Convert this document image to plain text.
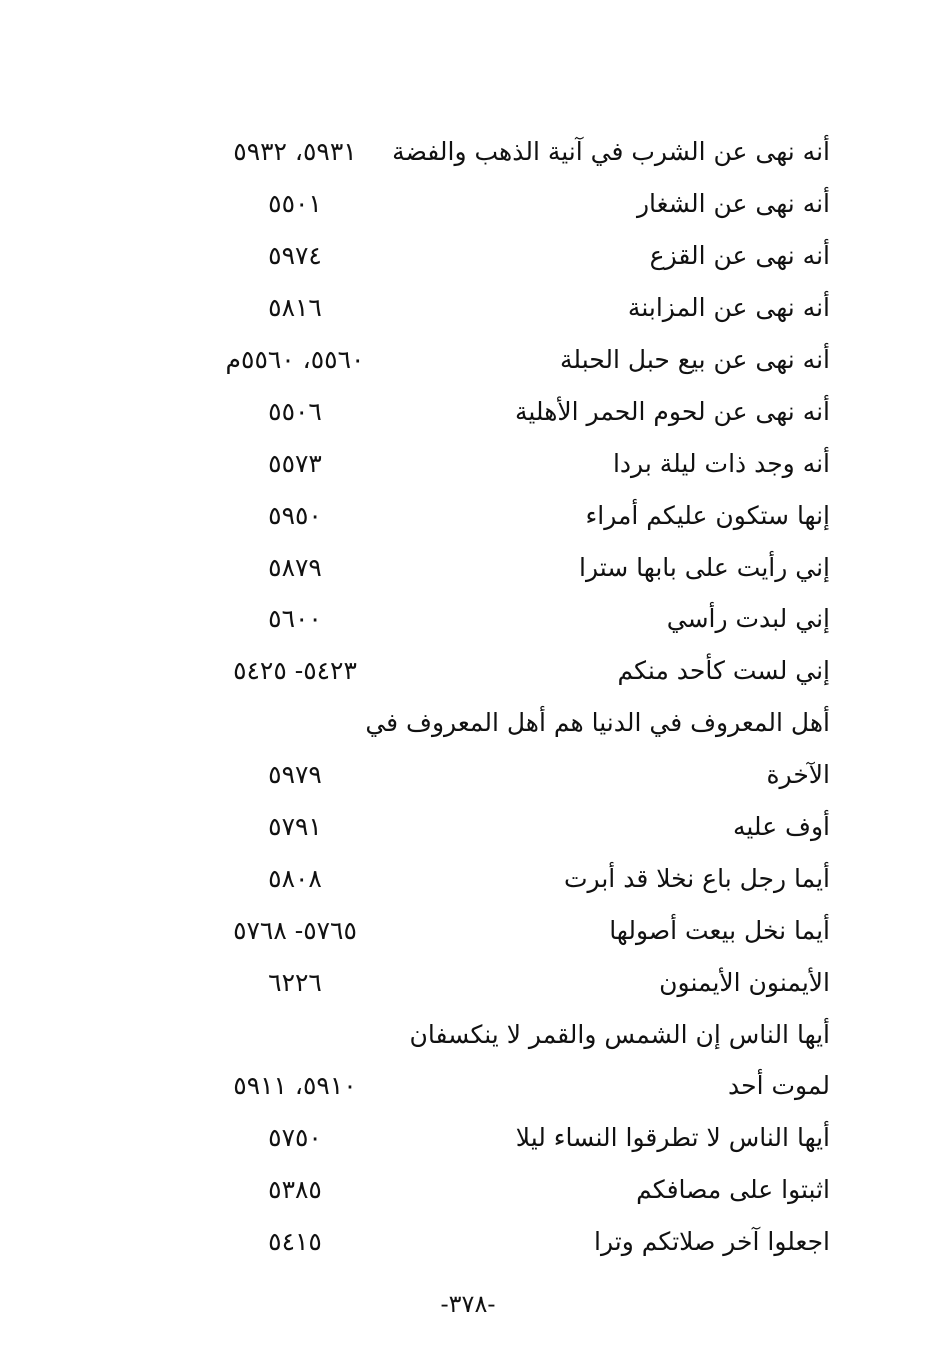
أنه نهى عن الشرب في آنية الذهب والفضة
٥٩٣١، ٥٩٣٢
أنه نهى عن الشغار
٥٥٠١
أنه نهى عن القزع
٥٩٧٤
أنه نهى عن المزابنة
٥٨١٦
أنه نهى عن بيع حبل الحبلة
٥٥٦٠، ٥٥٦٠م
أنه نهى عن لحوم الحمر الأهلية
٥٥٠٦
أنه وجد ذات ليلة بردا
٥٥٧٣
إنها ستكون عليكم أمراء
٥٩٥٠
إني رأيت على بابها سترا
٥٨٧٩
إني لبدت رأسي
٥٦٠٠
إني لست كأحد منكم
٥٤٢٣- ٥٤٢٥
أهل المعروف في الدنيا هم أهل المعروف في
الآخرة
٥٩٧٩
أوف عليه
٥٧٩١
أيما رجل باع نخلا قد أبرت
٥٨٠٨
أيما نخل بيعت أصولها
٥٧٦٥- ٥٧٦٨
الأيمنون الأيمنون
٦٢٢٦
أيها الناس إن الشمس والقمر لا ينكسفان
لموت أحد
٥٩١٠، ٥٩١١
أيها الناس لا تطرقوا النساء ليلا
٥٧٥٠
اثبتوا على مصافكم
٥٣٨٥
اجعلوا آخر صلاتكم وترا
٥٤١٥
-٣٧٨-
